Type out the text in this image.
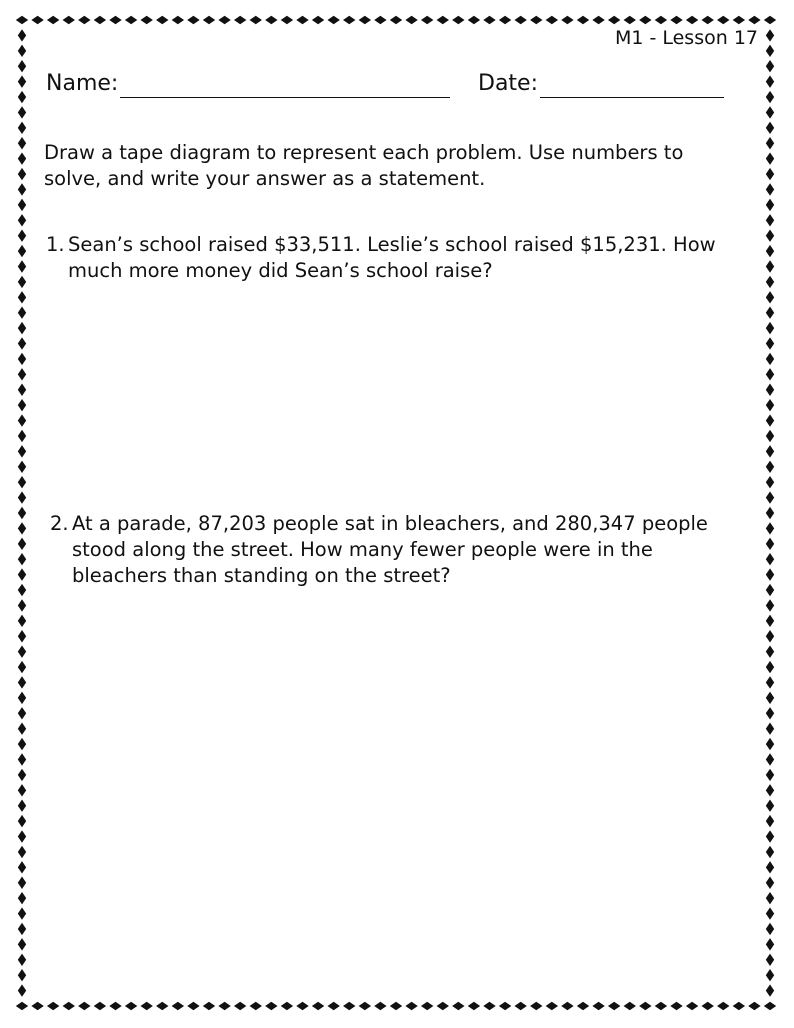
M1 - Lesson 17
Name:	Date:
Draw a tape diagram to represent each problem. Use numbers to solve, and write your answer as a statement.
1. Sean’s school raised $33,511. Leslie’s school raised $15,231. How much more money did Sean’s school raise?
2. At a parade, 87,203 people sat in bleachers, and 280,347 people stood along the street. How many fewer people were in the bleachers than standing on the street?
